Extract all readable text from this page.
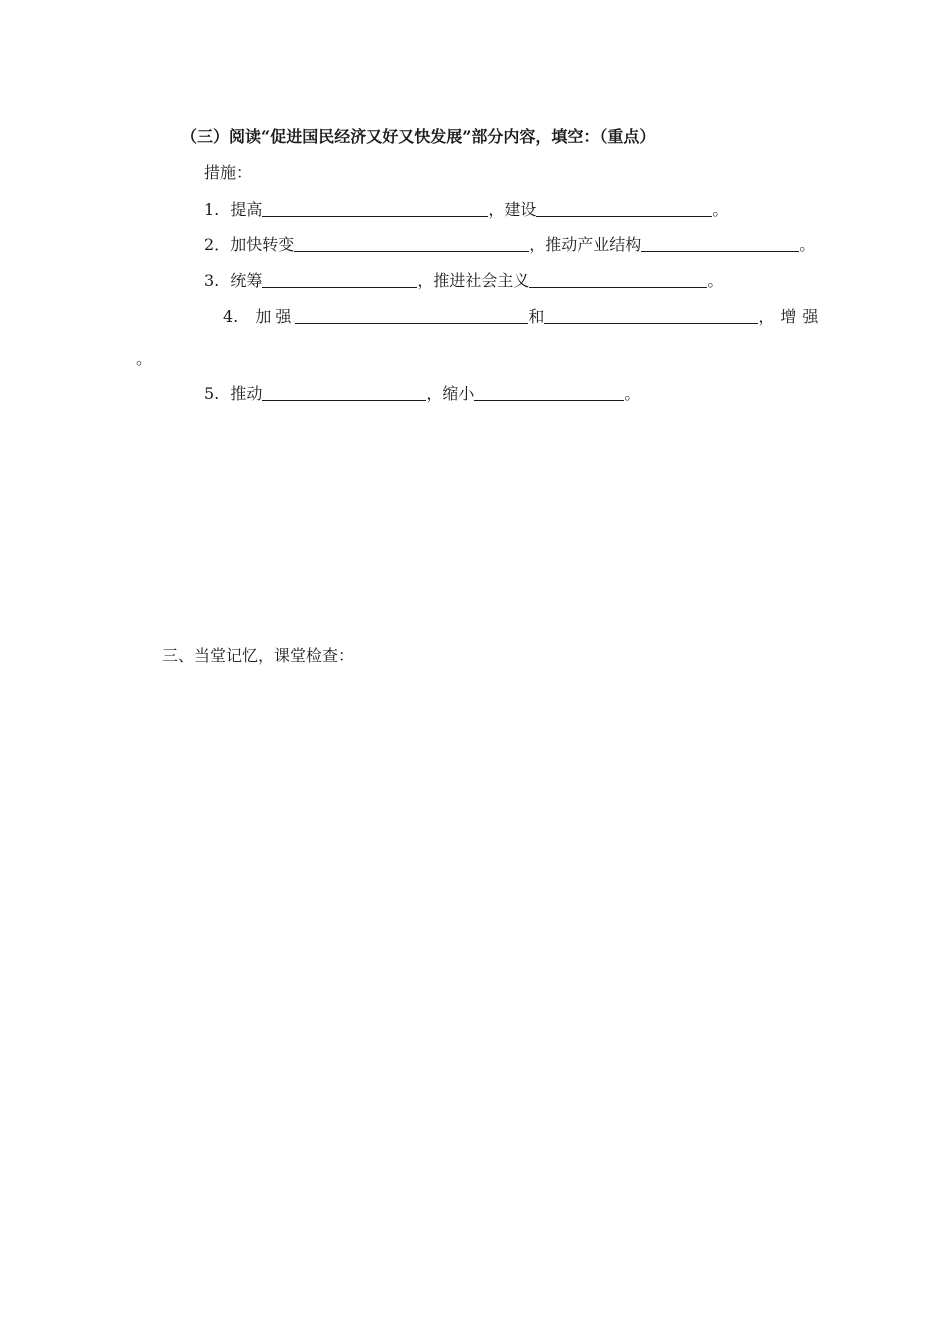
（三）阅读“促进国民经济又好又快发展”部分内容，填空：（重点）
措施：
1. 提高	，建设	。
2．加快转变	，推动产业结构	。
3. 统筹	，推进社会主义	。
4. 加强	和	，增强
。
5. 推动	，缩小	。
三、当堂记忆，课堂检查：
